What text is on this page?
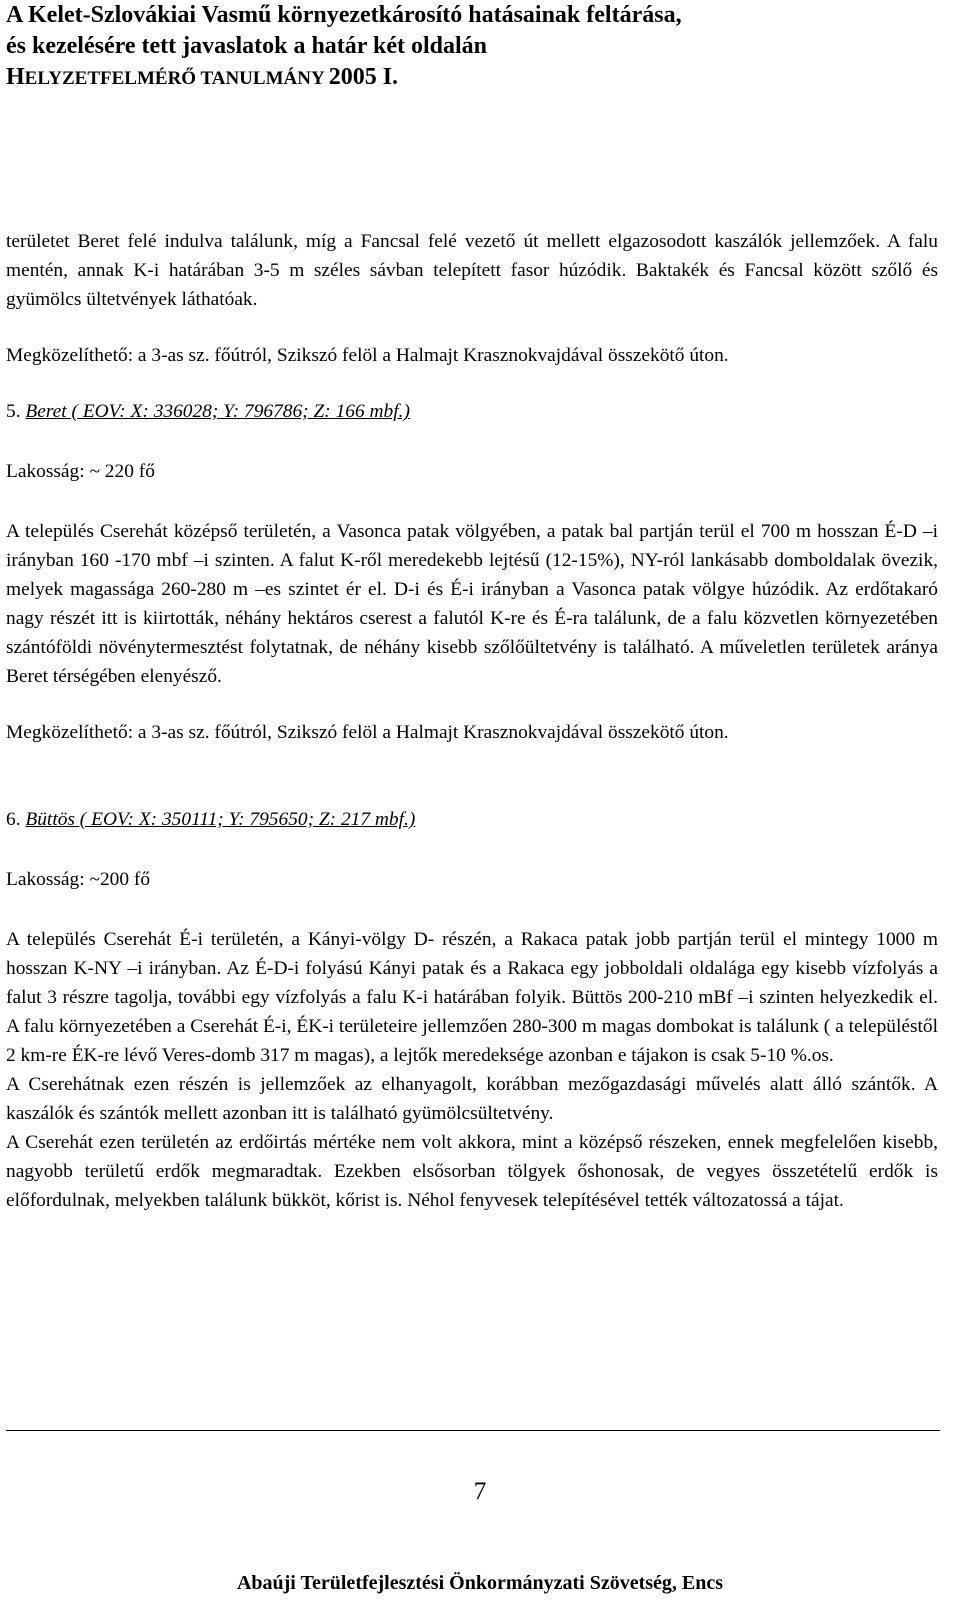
A Kelet-Szlovákiai Vasmű környezetkárosító hatásainak feltárása,
és kezelésére tett javaslatok a határ két oldalán
HELYZETFELMÉRŐ TANULMÁNY 2005 I.

területet Beret felé indulva találunk, míg a Fancsal felé vezető út mellett elgazosodott kaszálók jellemzőek. A falu mentén, annak K-i határában 3-5 m széles sávban telepített fasor húzódik. Baktakék és Fancsal között szőlő és gyümölcs ültetvények láthatóak.

Megközelíthető: a 3-as sz. főútról, Szikszó felöl a Halmajt Krasznokvajdával összekötő úton.

5. Beret ( EOV: X: 336028; Y: 796786; Z: 166 mbf.)

Lakosság: ~ 220 fő

A település Cserehát középső területén, a Vasonca patak völgyében, a patak bal partján terül el 700 m hosszan É-D –i irányban 160 -170 mbf –i szinten. A falut K-ről meredekebb lejtésű (12-15%), NY-ról lankásabb domboldalak övezik, melyek magassága 260-280 m –es szintet ér el. D-i és É-i irányban a Vasonca patak völgye húzódik. Az erdőtakaró nagy részét itt is kiirtották, néhány hektáros cserest a falutól K-re és É-ra találunk, de a falu közvetlen környezetében szántóföldi növénytermesztést folytatnak, de néhány kisebb szőlőültetvény is található. A műveletlen területek aránya Beret térségében elenyésző.

Megközelíthető: a 3-as sz. főútról, Szikszó felöl a Halmajt Krasznokvajdával összekötő úton.

6. Büttös ( EOV: X: 350111; Y: 795650; Z: 217 mbf.)

Lakosság: ~200 fő

A település Cserehát É-i területén, a Kányi-völgy D- részén, a Rakaca patak jobb partján terül el mintegy 1000 m hosszan K-NY –i irányban. Az É-D-i folyású Kányi patak és a Rakaca egy jobboldali oldalága egy kisebb vízfolyás a falut 3 részre tagolja, további egy vízfolyás a falu K-i határában folyik. Büttös 200-210 mBf –i szinten helyezkedik el. A falu környezetében a Cserehát É-i, ÉK-i területeire jellemzően 280-300 m magas dombokat is találunk ( a településtől 2 km-re ÉK-re lévő Veres-domb 317 m magas), a lejtők meredeksége azonban e tájakon is csak 5-10 %.os.

A Cserehátnak ezen részén is jellemzőek az elhanyagolt, korábban mezőgazdasági művelés alatt álló szántők. A kaszálók és szántók mellett azonban itt is található gyümölcsültetvény.

A Cserehát ezen területén az erdőirtás mértéke nem volt akkora, mint a középső részeken, ennek megfelelően kisebb, nagyobb területű erdők megmaradtak. Ezekben elsősorban tölgyek őshonosak, de vegyes összetételű erdők is előfordulnak, melyekben találunk bükköt, kőrist is. Néhol fenyvesek telepítésével tették változatossá a tájat.

7
Abaúji Területfejlesztési Önkormányzati Szövetség, Encs
